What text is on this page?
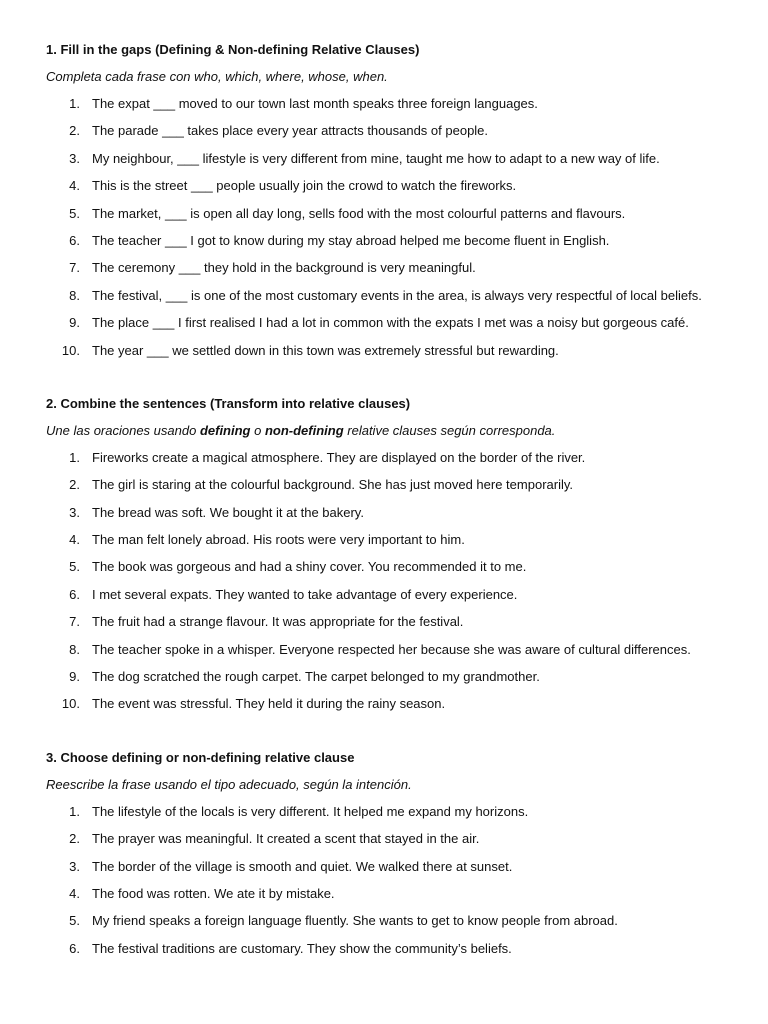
1. Fill in the gaps (Defining & Non-defining Relative Clauses)
Completa cada frase con who, which, where, whose, when.
1. The expat ___ moved to our town last month speaks three foreign languages.
2. The parade ___ takes place every year attracts thousands of people.
3. My neighbour, ___ lifestyle is very different from mine, taught me how to adapt to a new way of life.
4. This is the street ___ people usually join the crowd to watch the fireworks.
5. The market, ___ is open all day long, sells food with the most colourful patterns and flavours.
6. The teacher ___ I got to know during my stay abroad helped me become fluent in English.
7. The ceremony ___ they hold in the background is very meaningful.
8. The festival, ___ is one of the most customary events in the area, is always very respectful of local beliefs.
9. The place ___ I first realised I had a lot in common with the expats I met was a noisy but gorgeous café.
10. The year ___ we settled down in this town was extremely stressful but rewarding.
2. Combine the sentences (Transform into relative clauses)
Une las oraciones usando defining o non-defining relative clauses según corresponda.
1. Fireworks create a magical atmosphere. They are displayed on the border of the river.
2. The girl is staring at the colourful background. She has just moved here temporarily.
3. The bread was soft. We bought it at the bakery.
4. The man felt lonely abroad. His roots were very important to him.
5. The book was gorgeous and had a shiny cover. You recommended it to me.
6. I met several expats. They wanted to take advantage of every experience.
7. The fruit had a strange flavour. It was appropriate for the festival.
8. The teacher spoke in a whisper. Everyone respected her because she was aware of cultural differences.
9. The dog scratched the rough carpet. The carpet belonged to my grandmother.
10. The event was stressful. They held it during the rainy season.
3. Choose defining or non-defining relative clause
Reescribe la frase usando el tipo adecuado, según la intención.
1. The lifestyle of the locals is very different. It helped me expand my horizons.
2. The prayer was meaningful. It created a scent that stayed in the air.
3. The border of the village is smooth and quiet. We walked there at sunset.
4. The food was rotten. We ate it by mistake.
5. My friend speaks a foreign language fluently. She wants to get to know people from abroad.
6. The festival traditions are customary. They show the community’s beliefs.
